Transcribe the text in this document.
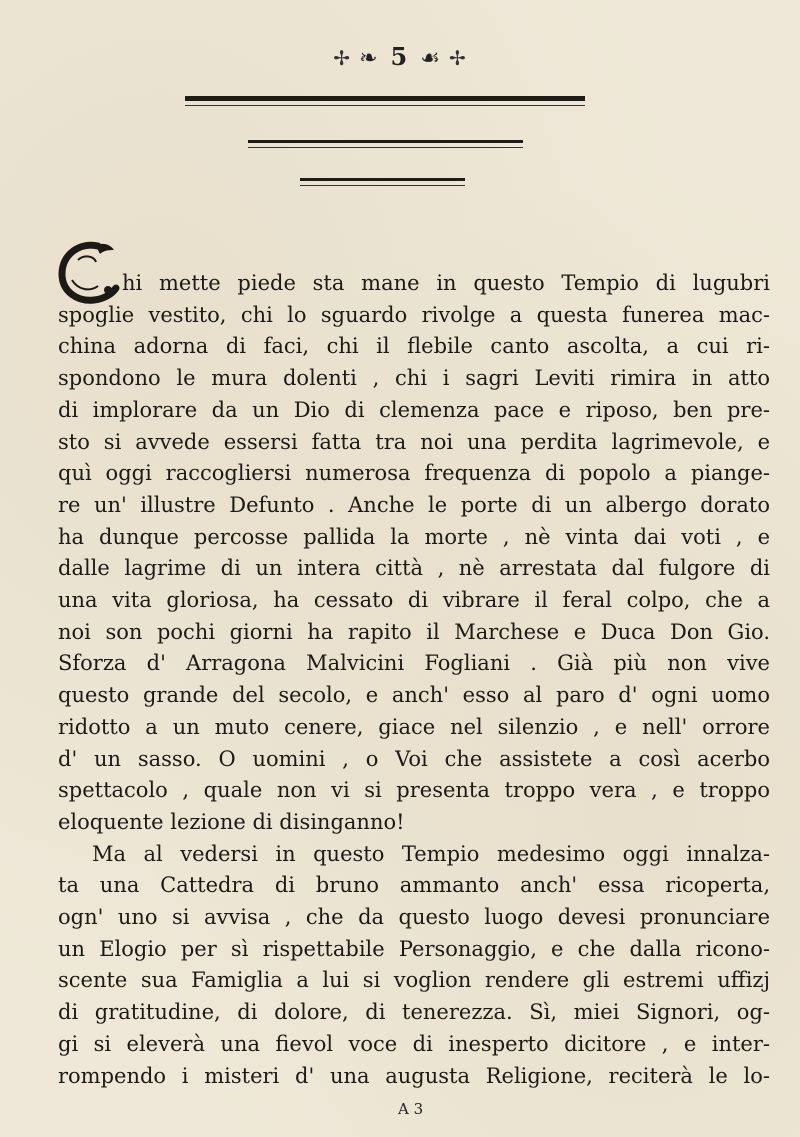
✢ ❧ 5 ☙ ✢
hi mette piede sta mane in questo Tempio di lugubri
spoglie vestito, chi lo sguardo rivolge a questa funerea mac-
china adorna di faci, chi il flebile canto ascolta, a cui ri-
spondono le mura dolenti , chi i sagri Leviti rimira in atto
di implorare da un Dio di clemenza pace e riposo, ben pre-
sto si avvede essersi fatta tra noi una perdita lagrimevole, e
quì oggi raccogliersi numerosa frequenza di popolo a piange-
re un' illustre Defunto . Anche le porte di un albergo dorato
ha dunque percosse pallida la morte , nè vinta dai voti , e
dalle lagrime di un intera città , nè arrestata dal fulgore di
una vita gloriosa, ha cessato di vibrare il feral colpo, che a
noi son pochi giorni ha rapito il Marchese e Duca Don Gio.
Sforza d' Arragona Malvicini Fogliani . Già più non vive
questo grande del secolo, e anch' esso al paro d' ogni uomo
ridotto a un muto cenere, giace nel silenzio , e nell' orrore
d' un sasso. O uomini , o Voi che assistete a così acerbo
spettacolo , quale non vi si presenta troppo vera , e troppo
eloquente lezione di disinganno!
Ma al vedersi in questo Tempio medesimo oggi innalza-
ta una Cattedra di bruno ammanto anch' essa ricoperta,
ogn' uno si avvisa , che da questo luogo devesi pronunciare
un Elogio per sì rispettabile Personaggio, e che dalla ricono-
scente sua Famiglia a lui si voglion rendere gli estremi uffizj
di gratitudine, di dolore, di tenerezza. Sì, miei Signori, og-
gi si eleverà una fievol voce di inesperto dicitore , e inter-
rompendo i misteri d' una augusta Religione, reciterà le lo-
A 3
